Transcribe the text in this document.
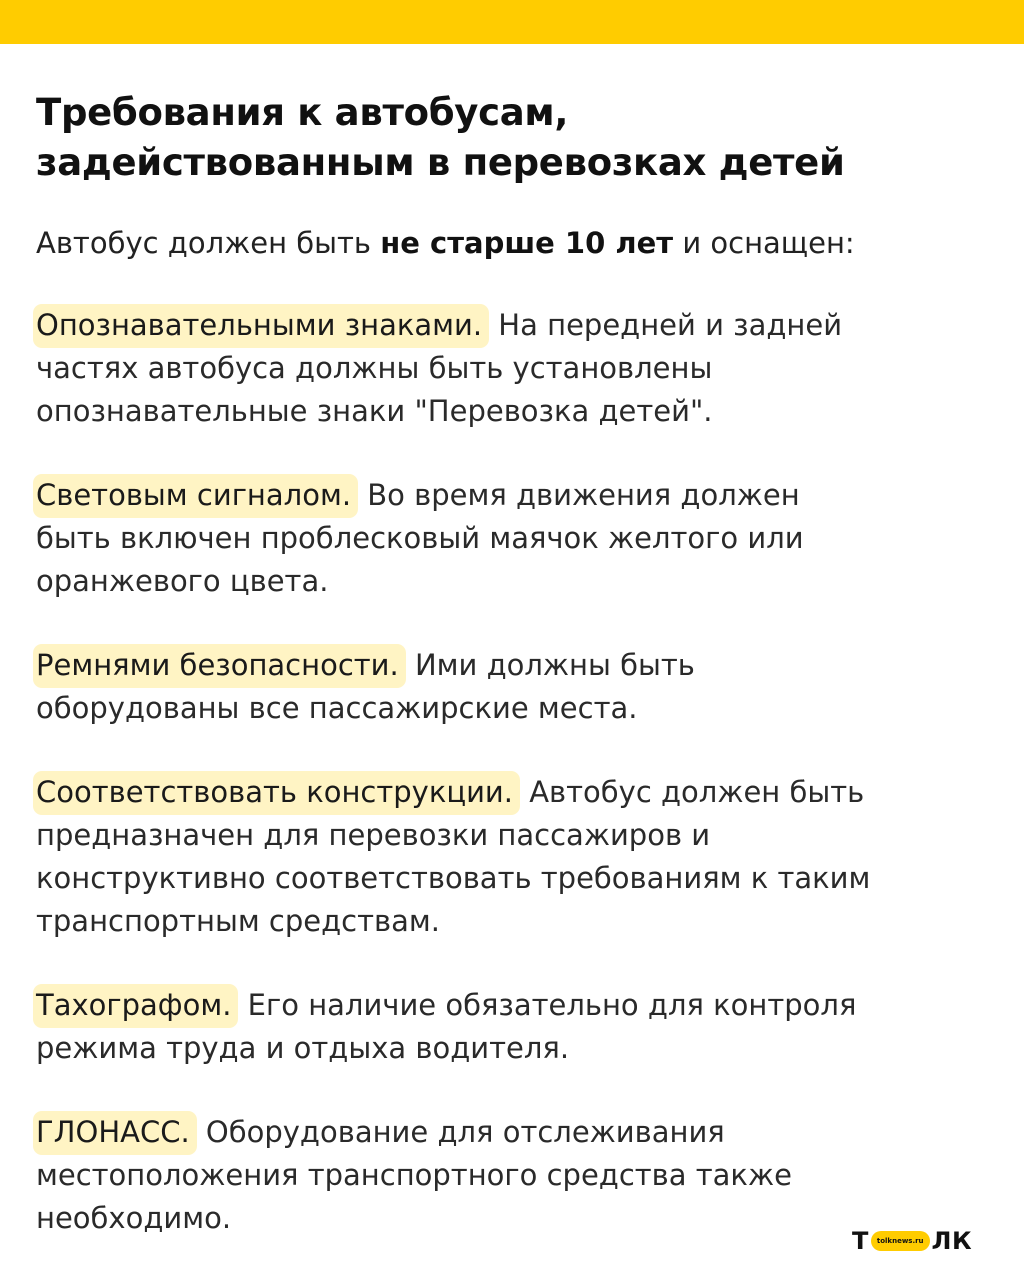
Требования к автобусам,
задействованным в перевозках детей

Автобус должен быть не старше 10 лет и оснащен:

Опознавательными знаками. На передней и задней
частях автобуса должны быть установлены
опознавательные знаки "Перевозка детей".
Световым сигналом. Во время движения должен
быть включен проблесковый маячок желтого или
оранжевого цвета.
Ремнями безопасности. Ими должны быть
оборудованы все пассажирские места.
Соответствовать конструкции. Автобус должен быть
предназначен для перевозки пассажиров и
конструктивно соответствовать требованиям к таким
транспортным средствам.
Тахографом. Его наличие обязательно для контроля
режима труда и отдыха водителя.
ГЛОНАСС. Оборудование для отслеживания
местоположения транспортного средства также
необходимо.
Т	tolknews.ru ЛК
